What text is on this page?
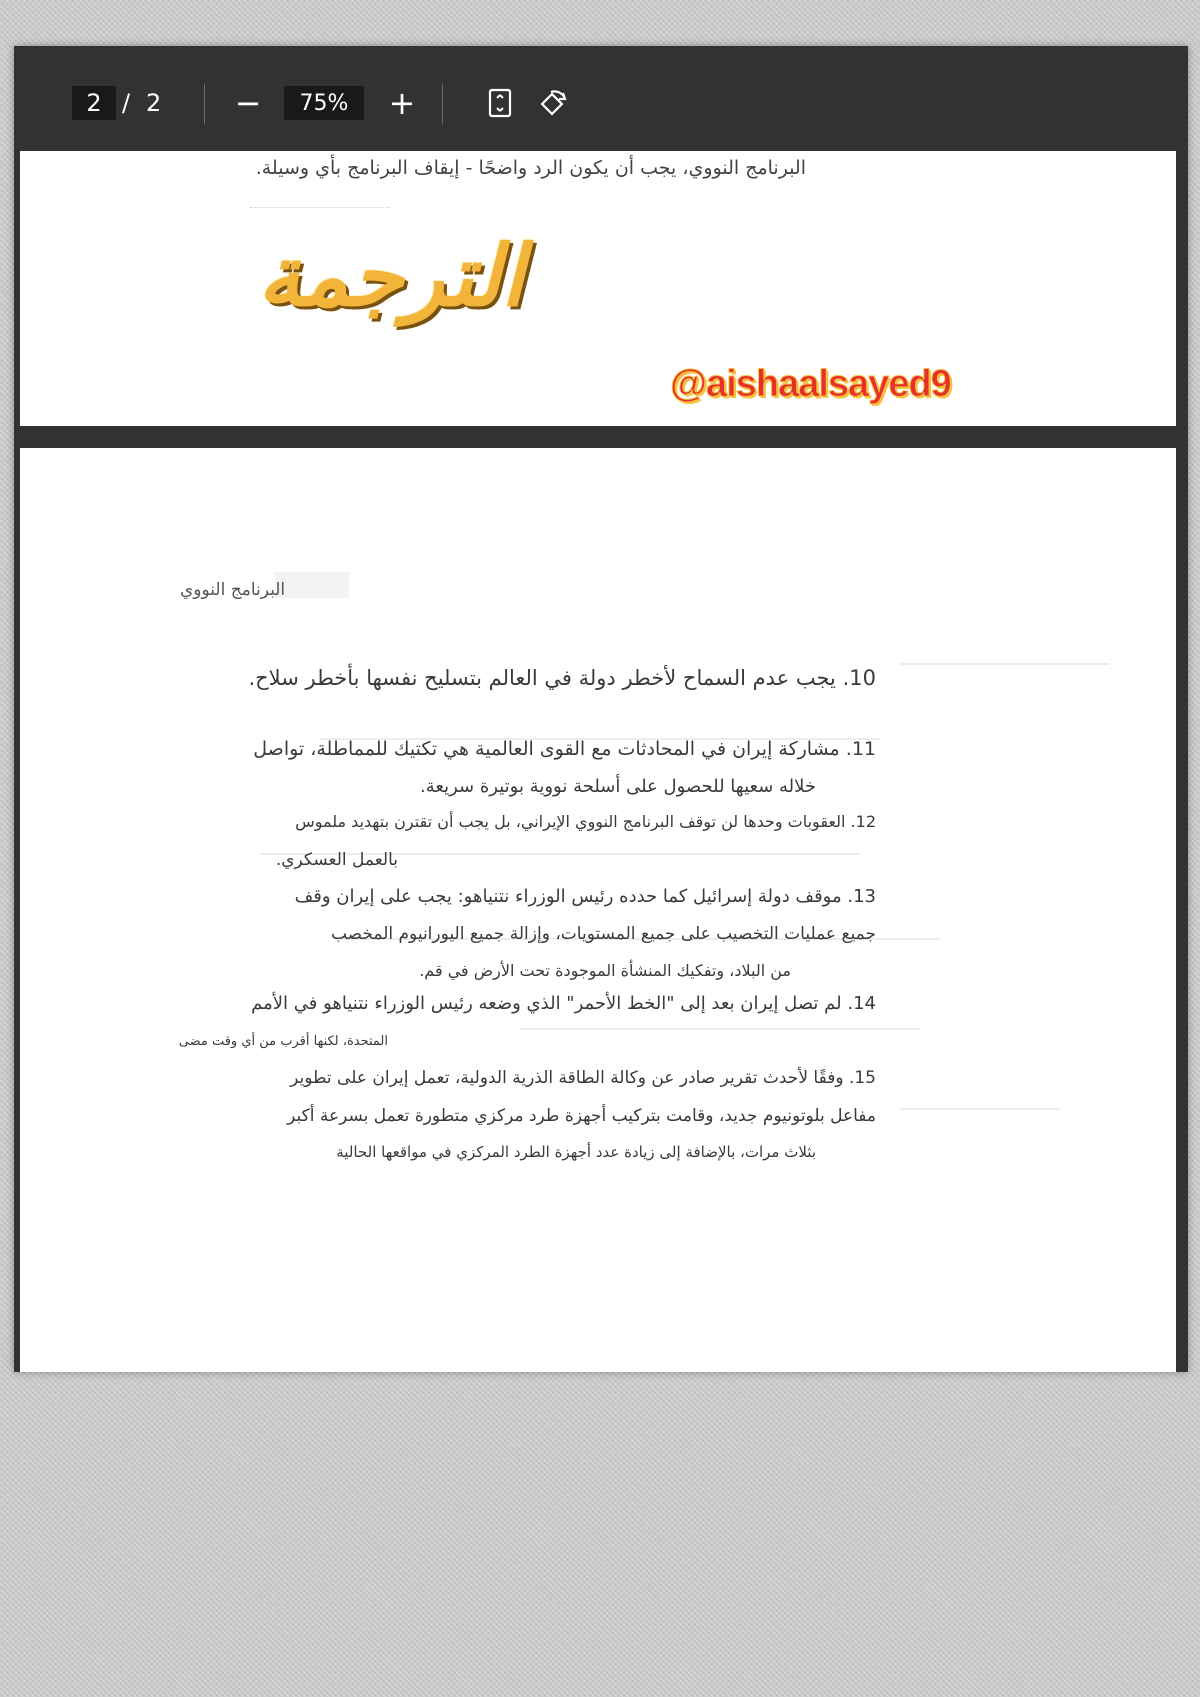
2 / 2 −	75%	+
البرنامج النووي، يجب أن يكون الرد واضحًا - إيقاف البرنامج بأي وسيلة.
الترجمة
@aishaalsayed9
البرنامج النووي
10. يجب عدم السماح لأخطر دولة في العالم بتسليح نفسها بأخطر سلاح.
11. مشاركة إيران في المحادثات مع القوى العالمية هي تكتيك للمماطلة، تواصل
خلاله سعيها للحصول على أسلحة نووية بوتيرة سريعة.
12. العقوبات وحدها لن توقف البرنامج النووي الإيراني، بل يجب أن تقترن بتهديد ملموس
بالعمل العسكري.
13. موقف دولة إسرائيل كما حدده رئيس الوزراء نتنياهو: يجب على إيران وقف
جميع عمليات التخصيب على جميع المستويات، وإزالة جميع اليورانيوم المخصب
من البلاد، وتفكيك المنشأة الموجودة تحت الأرض في قم.
14. لم تصل إيران بعد إلى "الخط الأحمر" الذي وضعه رئيس الوزراء نتنياهو في الأمم
المتحدة، لكنها أقرب من أي وقت مضى
15. وفقًا لأحدث تقرير صادر عن وكالة الطاقة الذرية الدولية، تعمل إيران على تطوير
مفاعل بلوتونيوم جديد، وقامت بتركيب أجهزة طرد مركزي متطورة تعمل بسرعة أكبر
بثلاث مرات، بالإضافة إلى زيادة عدد أجهزة الطرد المركزي في مواقعها الحالية
